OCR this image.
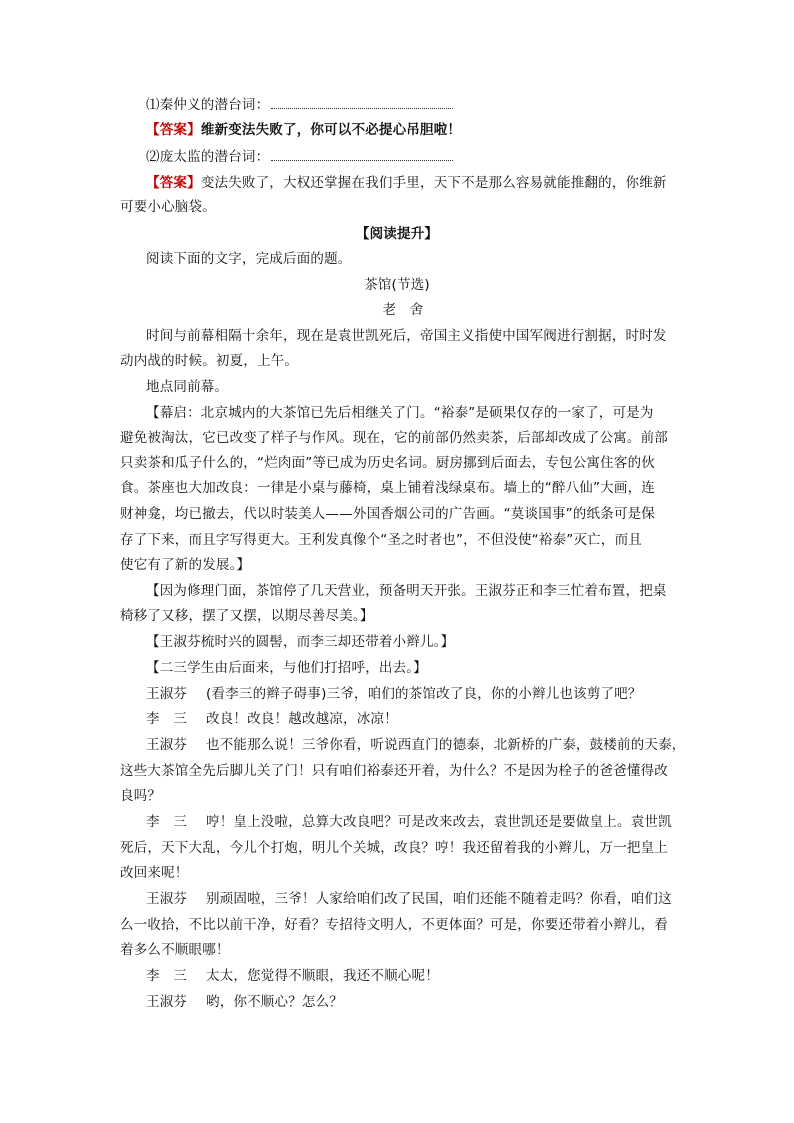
⑴秦仲义的潜台词：
【答案】维新变法失败了，你可以不必提心吊胆啦！
⑵庞太监的潜台词：
【答案】变法失败了，大权还掌握在我们手里，天下不是那么容易就能推翻的，你维新
可要小心脑袋。
【阅读提升】
阅读下面的文字，完成后面的题。
茶馆(节选)
老　舍
时间与前幕相隔十余年，现在是袁世凯死后，帝国主义指使中国军阀进行割据，时时发
动内战的时候。初夏，上午。
地点同前幕。
【幕启：北京城内的大茶馆已先后相继关了门。“裕泰”是硕果仅存的一家了，可是为
避免被淘汰，它已改变了样子与作风。现在，它的前部仍然卖茶，后部却改成了公寓。前部
只卖茶和瓜子什么的，“烂肉面”等已成为历史名词。厨房挪到后面去，专包公寓住客的伙
食。茶座也大加改良：一律是小桌与藤椅，桌上铺着浅绿桌布。墙上的“醉八仙”大画，连
财神龛，均已撤去，代以时装美人——外国香烟公司的广告画。“莫谈国事”的纸条可是保
存了下来，而且字写得更大。王利发真像个“圣之时者也”，不但没使“裕泰”灭亡，而且
使它有了新的发展。】
【因为修理门面，茶馆停了几天营业，预备明天开张。王淑芬正和李三忙着布置，把桌
椅移了又移，摆了又摆，以期尽善尽美。】
【王淑芬梳时兴的圆髻，而李三却还带着小辫儿。】
【二三学生由后面来，与他们打招呼，出去。】
王淑芬 (看李三的辫子碍事)三爷，咱们的茶馆改了良，你的小辫儿也该剪了吧？
李　三 改良！改良！越改越凉，冰凉！
王淑芬 也不能那么说！三爷你看，听说西直门的德泰，北新桥的广泰，鼓楼前的天泰，
这些大茶馆全先后脚儿关了门！只有咱们裕泰还开着，为什么？不是因为栓子的爸爸懂得改
良吗？
李　三 哼！皇上没啦，总算大改良吧？可是改来改去，袁世凯还是要做皇上。袁世凯
死后，天下大乱，今儿个打炮，明儿个关城，改良？哼！我还留着我的小辫儿，万一把皇上
改回来呢！
王淑芬 别顽固啦，三爷！人家给咱们改了民国，咱们还能不随着走吗？你看，咱们这
么一收拾，不比以前干净，好看？专招待文明人，不更体面？可是，你要还带着小辫儿，看
着多么不顺眼哪！
李　三 太太，您觉得不顺眼，我还不顺心呢！
王淑芬 哟，你不顺心？怎么？
